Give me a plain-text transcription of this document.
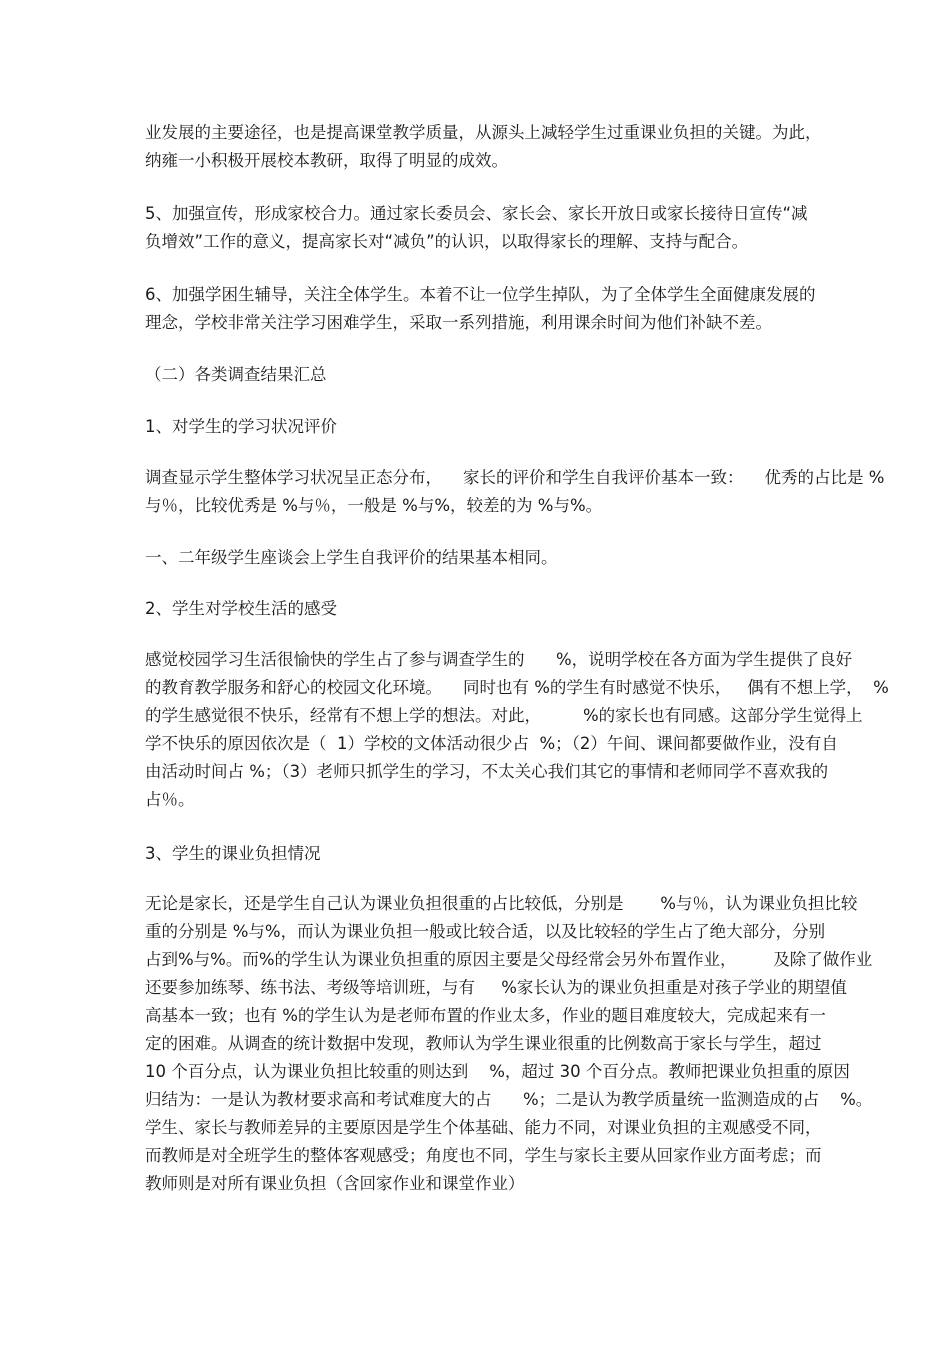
业发展的主要途径，也是提高课堂教学质量，从源头上减轻学生过重课业负担的关键。为此，
纳雍一小积极开展校本教研，取得了明显的成效。
5、加强宣传，形成家校合力。通过家长委员会、家长会、家长开放日或家长接待日宣传“减
负增效”工作的意义，提高家长对“减负”的认识，以取得家长的理解、支持与配合。
6、加强学困生辅导，关注全体学生。本着不让一位学生掉队，为了全体学生全面健康发展的
理念，学校非常关注学习困难学生，采取一系列措施，利用课余时间为他们补缺不差。
（二）各类调查结果汇总
1、对学生的学习状况评价
调查显示学生整体学习状况呈正态分布，    家长的评价和学生自我评价基本一致：    优秀的占比是 %
与％，比较优秀是 %与％，一般是 %与%，较差的为 %与%。
一、二年级学生座谈会上学生自我评价的结果基本相同。
2、学生对学校生活的感受
感觉校园学习生活很愉快的学生占了参与调查学生的      %，说明学校在各方面为学生提供了良好
的教育教学服务和舒心的校园文化环境。    同时也有 %的学生有时感觉不快乐，   偶有不想上学，  %
的学生感觉很不快乐，经常有不想上学的想法。对此，        %的家长也有同感。这部分学生觉得上
学不快乐的原因依次是（  1）学校的文体活动很少占  %；（2）午间、课间都要做作业，没有自
由活动时间占 %；（3）老师只抓学生的学习，不太关心我们其它的事情和老师同学不喜欢我的
占％。
3、学生的课业负担情况
无论是家长，还是学生自己认为课业负担很重的占比较低，分别是       %与％，认为课业负担比较
重的分别是 %与%，而认为课业负担一般或比较合适，以及比较轻的学生占了绝大部分，分别
占到%与%。而%的学生认为课业负担重的原因主要是父母经常会另外布置作业，       及除了做作业
还要参加练琴、练书法、考级等培训班，与有     %家长认为的课业负担重是对孩子学业的期望值
高基本一致；也有 %的学生认为是老师布置的作业太多，作业的题目难度较大，完成起来有一
定的困难。从调查的统计数据中发现，教师认为学生课业很重的比例数高于家长与学生，超过
10 个百分点，认为课业负担比较重的则达到    %，超过 30 个百分点。教师把课业负担重的原因
归结为：一是认为教材要求高和考试难度大的占      %；二是认为教学质量统一监测造成的占    %。
学生、家长与教师差异的主要原因是学生个体基础、能力不同，对课业负担的主观感受不同，
而教师是对全班学生的整体客观感受；角度也不同，学生与家长主要从回家作业方面考虑；而
教师则是对所有课业负担（含回家作业和课堂作业）
